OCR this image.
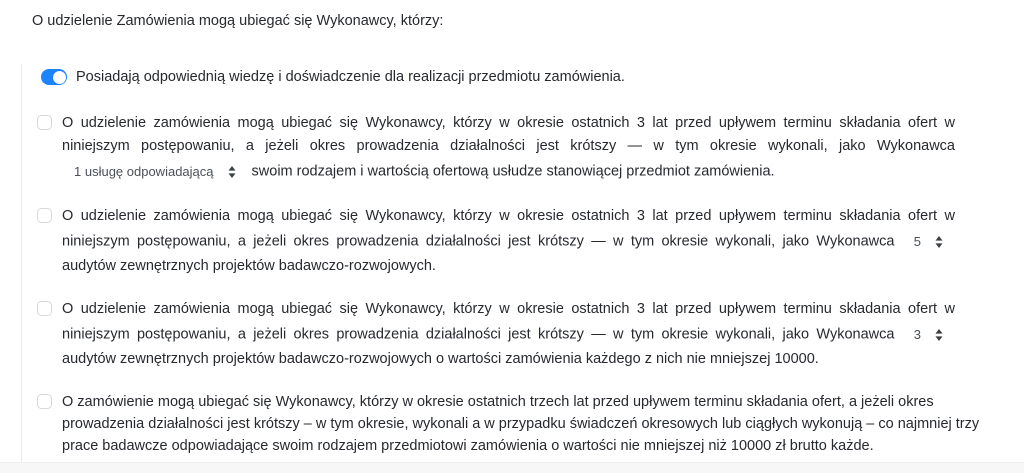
O udzielenie Zamówienia mogą ubiegać się Wykonawcy, którzy:
Posiadają odpowiednią wiedzę i doświadczenie dla realizacji przedmiotu zamówienia.
O udzielenie zamówienia mogą ubiegać się Wykonawcy, którzy w okresie ostatnich 3 lat przed upływem terminu składania ofert w niniejszym postępowaniu, a jeżeli okres prowadzenia działalności jest krótszy — w tym okresie wykonali, jako Wykonawca
1 usługę odpowiadającą	swoim rodzajem i wartością ofertową usłudze stanowiącej przedmiot zamówienia.
O udzielenie zamówienia mogą ubiegać się Wykonawcy, którzy w okresie ostatnich 3 lat przed upływem terminu składania ofert w niniejszym postępowaniu, a jeżeli okres prowadzenia działalności jest krótszy — w tym okresie wykonali, jako Wykonawca 5
audytów zewnętrznych projektów badawczo-rozwojowych.
O udzielenie zamówienia mogą ubiegać się Wykonawcy, którzy w okresie ostatnich 3 lat przed upływem terminu składania ofert w niniejszym postępowaniu, a jeżeli okres prowadzenia działalności jest krótszy — w tym okresie wykonali, jako Wykonawca 3
audytów zewnętrznych projektów badawczo-rozwojowych o wartości zamówienia każdego z nich nie mniejszej 10000.
O zamówienie mogą ubiegać się Wykonawcy, którzy w okresie ostatnich trzech lat przed upływem terminu składania ofert, a jeżeli okres prowadzenia działalności jest krótszy – w tym okresie, wykonali a w przypadku świadczeń okresowych lub ciągłych wykonują – co najmniej trzy prace badawcze odpowiadające swoim rodzajem przedmiotowi zamówienia o wartości nie mniejszej niż 10000 zł brutto każde.
